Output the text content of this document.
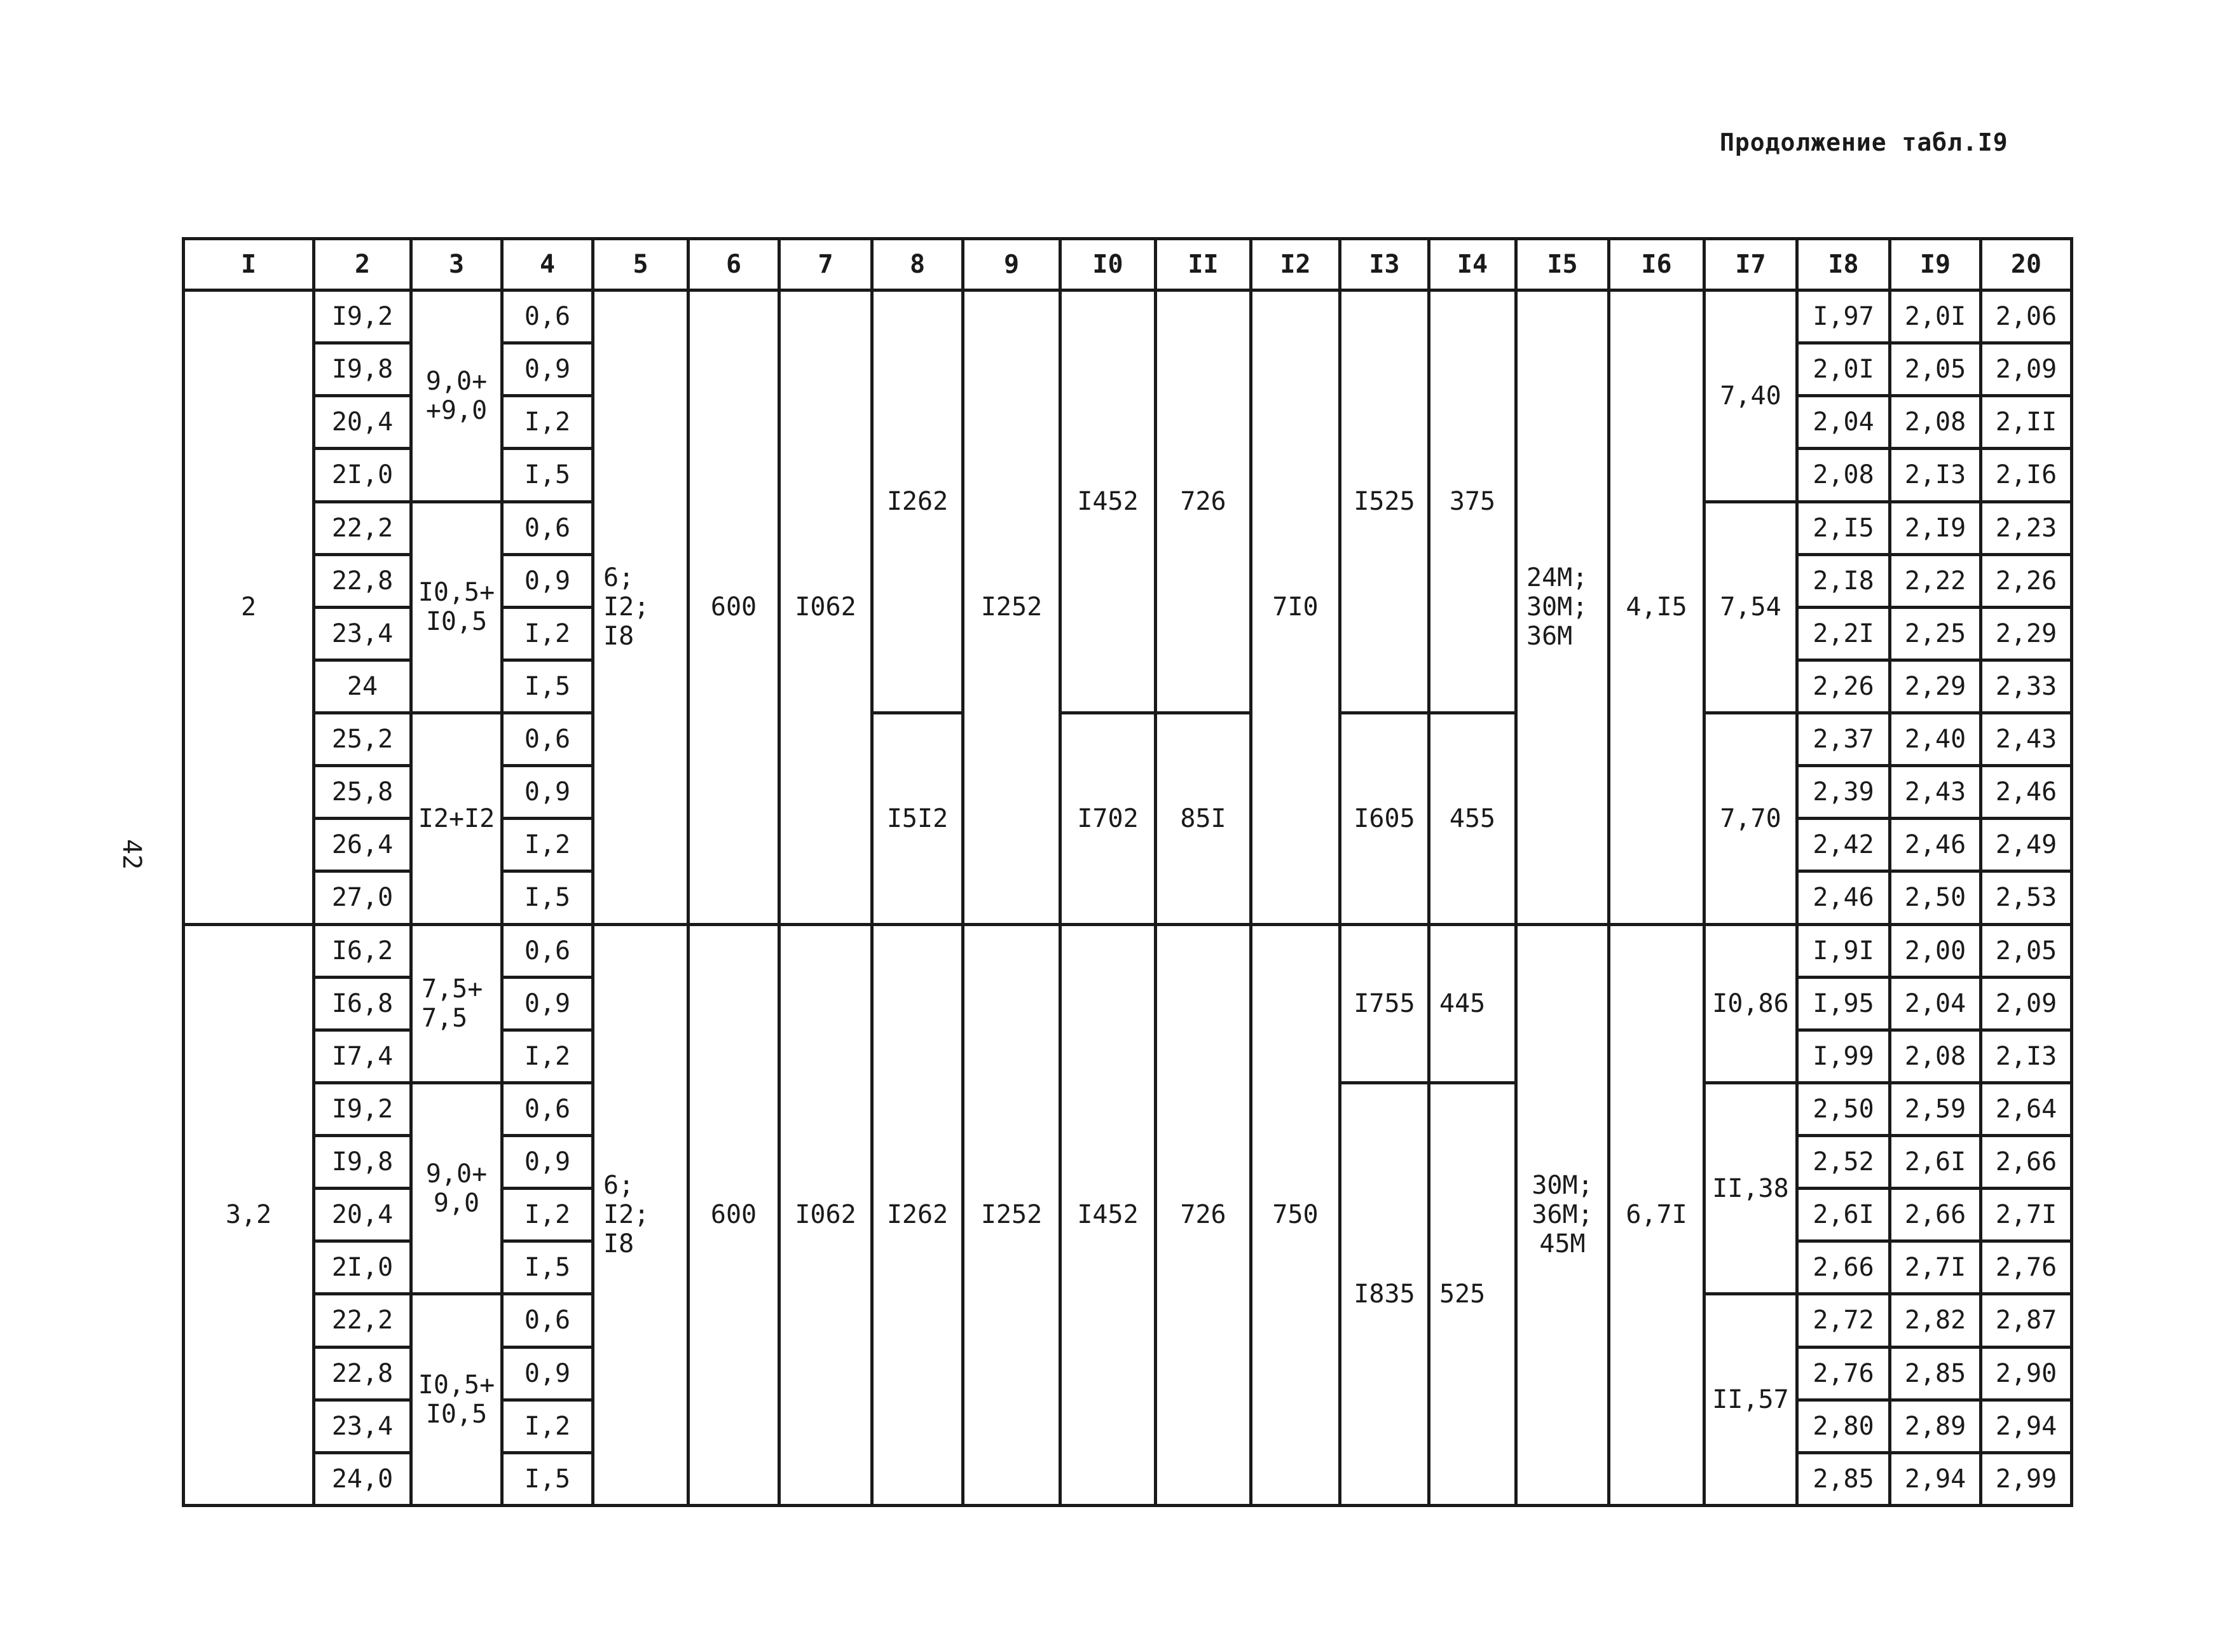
Продолжение табл.I9
42
I	2	3	4	5	6	7	8	9	I0	II	I2	I3	I4	I5	I6	I7	I8	I9	20
2	I9,2	9,0+
+9,0	0,6	6;
I2;
I8	600	I062	I262	I252	I452	726	7I0	I525	375	24M;
30M;
36M	4,I5	7,40	I,97	2,0I	2,06
	I9,8		0,9														2,0I	2,05	2,09
	20,4		I,2														2,04	2,08	2,II
	2I,0		I,5														2,08	2,I3	2,I6
	22,2	I0,5+
I0,5	0,6													7,54	2,I5	2,I9	2,23
	22,8		0,9														2,I8	2,22	2,26
	23,4		I,2														2,2I	2,25	2,29
	24		I,5														2,26	2,29	2,33
	25,2	I2+I2	0,6				I5I2		I702	85I		I605	455			7,70	2,37	2,40	2,43
	25,8		0,9														2,39	2,43	2,46
	26,4		I,2														2,42	2,46	2,49
	27,0		I,5														2,46	2,50	2,53
3,2	I6,2	7,5+
7,5	0,6	6;
I2;
I8	600	I062	I262	I252	I452	726	750	I755	445	30M;
36M;
45M	6,7I	I0,86	I,9I	2,00	2,05
	I6,8		0,9														I,95	2,04	2,09
	I7,4		I,2														I,99	2,08	2,I3
	I9,2	9,0+
9,0	0,6									I835	525			II,38	2,50	2,59	2,64
	I9,8		0,9														2,52	2,6I	2,66
	20,4		I,2														2,6I	2,66	2,7I
	2I,0		I,5														2,66	2,7I	2,76
	22,2	I0,5+
I0,5	0,6													II,57	2,72	2,82	2,87
	22,8		0,9														2,76	2,85	2,90
	23,4		I,2														2,80	2,89	2,94
	24,0		I,5														2,85	2,94	2,99
